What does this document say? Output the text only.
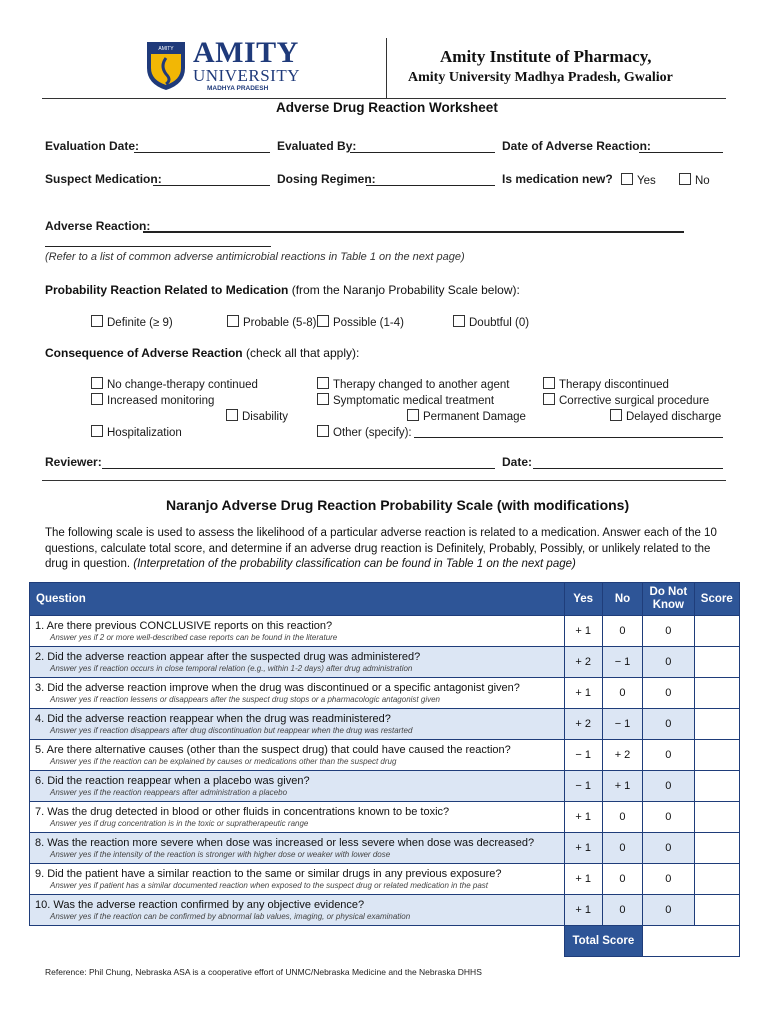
AMITY AMITY
UNIVERSITY
MADHYA PRADESH
Amity Institute of Pharmacy,
Amity University Madhya Pradesh, Gwalior
Adverse Drug Reaction Worksheet
Evaluation Date:	Evaluated By:	Date of Adverse Reaction:
Suspect Medication:	Dosing Regimen:	Is medication new?	Yes	No
Adverse Reaction:
(Refer to a list of common adverse antimicrobial reactions in Table 1 on the next page)
Probability Reaction Related to Medication (from the Naranjo Probability Scale below):
Definite (≥ 9)	Probable (5-8)	Possible (1-4)	Doubtful (0)
Consequence of Adverse Reaction (check all that apply):
No change-therapy continued
Increased monitoring
Disability
Hospitalization
Therapy changed to another agent
Symptomatic medical treatment
Permanent Damage
Other (specify):
Therapy discontinued
Corrective surgical procedure
Delayed discharge
Reviewer:	Date:
Naranjo Adverse Drug Reaction Probability Scale (with modifications)
The following scale is used to assess the likelihood of a particular adverse reaction is related to a medication. Answer each of the 10
questions, calculate total score, and determine if an adverse drug reaction is Definitely, Probably, Possibly, or unlikely related to the
drug in question. (Interpretation of the probability classification can be found in Table 1 on the next page)
Question	Yes	No	Do Not
Know	Score

1. Are there previous CONCLUSIVE reports on this reaction?
Answer yes if 2 or more well-described case reports can be found in the literature	+ 1	0	0	

2. Did the adverse reaction appear after the suspected drug was administered?
Answer yes if reaction occurs in close temporal relation (e.g., within 1-2 days) after drug administration	+ 2	− 1	0	

3. Did the adverse reaction improve when the drug was discontinued or a specific antagonist given?
Answer yes if reaction lessens or disappears after the suspect drug stops or a pharmacologic antagonist given	+ 1	0	0	

4. Did the adverse reaction reappear when the drug was readministered?
Answer yes if reaction disappears after drug discontinuation but reappear when the drug was restarted	+ 2	− 1	0	

5. Are there alternative causes (other than the suspect drug) that could have caused the reaction?
Answer yes if the reaction can be explained by causes or medications other than the suspect drug	− 1	+ 2	0	

6. Did the reaction reappear when a placebo was given?
Answer yes if the reaction reappears after administration a placebo	− 1	+ 1	0	

7. Was the drug detected in blood or other fluids in concentrations known to be toxic?
Answer yes if drug concentration is in the toxic or supratherapeutic range	+ 1	0	0	

8. Was the reaction more severe when dose was increased or less severe when dose was decreased?
Answer yes if the intensity of the reaction is stronger with higher dose or weaker with lower dose	+ 1	0	0	

9. Did the patient have a similar reaction to the same or similar drugs in any previous exposure?
Answer yes if patient has a similar documented reaction when exposed to the suspect drug or related medication in the past	+ 1	0	0	

10. Was the adverse reaction confirmed by any objective evidence?
Answer yes if the reaction can be confirmed by abnormal lab values, imaging, or physical examination	+ 1	0	0	
	Total Score			
Reference: Phil Chung, Nebraska ASA is a cooperative effort of UNMC/Nebraska Medicine and the Nebraska DHHS
